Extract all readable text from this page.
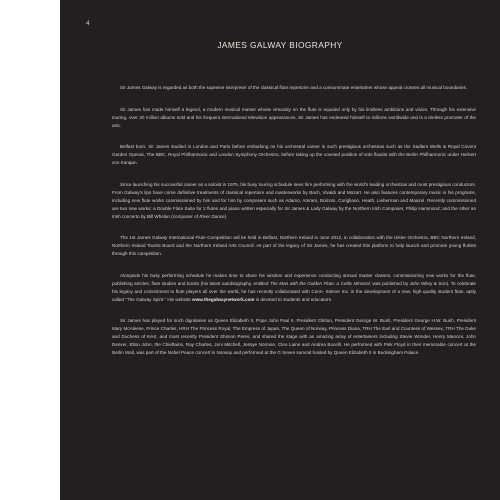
4
JAMES GALWAY BIOGRAPHY

Sir James Galway is regarded as both the supreme interpreter of the classical flute repertoire and a consummate entertainer whose appeal crosses all musical boundaries.

Sir James has made himself a legend, a modern musical master whose virtuosity on the flute is equaled only by his limitless ambitions and vision. Through his extensive touring, over 30 million albums sold and his frequent international television appearances, Sir James has endeared himself to millions worldwide and is a tireless promoter of the arts.

Belfast born, Sir James studied in London and Paris before embarking on his orchestral career in such prestigious orchestras such as the Sadlers Wells & Royal Covent Garden Operas, The BBC, Royal Philharmonic and London Symphony Orchestra, before taking up the coveted position of solo flautist with the Berlin Philharmonic under Herbert von Karajan.

Since launching his successful career as a soloist in 1975, his busy touring schedule sees him performing with the world's leading orchestras and most prestigious conductors. From Galway's lips have come definitive treatments of classical repertoire and masterworks by Bach, Vivaldi and Mozart. He also features contemporary music in his programs, including new flute works commissioned by him and for him by composers such as Adamo, Amram, Bolcom, Corigliano, Heath, Lieberman and Maazel. Recently commissioned are two new works: a Double Flute Suite for 2 flutes and piano written especially for Sir James & Lady Galway by the Northern Irish Composer, Philip Hammond; and the other an Irish concerto by Bill Whelan (composer of River Dance).

The 1st James Galway International Flute Competition will be held in Belfast, Northern Ireland in June 2012, in collaboration with the Ulster Orchestra, BBC Northern Ireland, Northern Ireland Tourist Board and the Northern Ireland Arts Council. As part of the legacy of Sir James, he has created this platform to help launch and promote young flutists through this competition.

Alongside his busy performing schedule he makes time to share his wisdom and experience conducting annual master classes, commissioning new works for the flute, publishing articles, flute studies and books (his latest autobiography, entitled The Man with the Golden Flute, a Celtic Minstrel, was published by John Wiley & Son). To celebrate his legacy and commitment to flute players all over the world, he has recently collaborated with Conn- Selmer Inc. in the development of a new, high quality student flute, aptly called "The Galway Spirit." His website www.thegalwaynetwork.com is devoted to students and educators.

Sir James has played for such dignitaries as Queen Elizabeth II, Pope John Paul II, President Clinton, President George W. Bush, President George H.W. Bush, President Mary McAleese, Prince Charles, HRH The Princess Royal, The Empress of Japan, The Queen of Norway, Princess Diana, TRH The Earl and Countess of Wessex, TRH The Duke and Duchess of Kent, and most recently President Shimon Peres, and shared the stage with an amazing array of entertainers including Stevie Wonder, Henry Mancini, John Denver, Elton John, the Chieftains, Ray Charles, Joni Mitchell, Jessye Norman, Cleo Laine and Andrea Bocelli. He performed with Pink Floyd in their memorable concert at the Berlin Wall, was part of the Nobel Peace concert in Norway and performed at the G Seven summit hosted by Queen Elizabeth II in Buckingham Palace.
